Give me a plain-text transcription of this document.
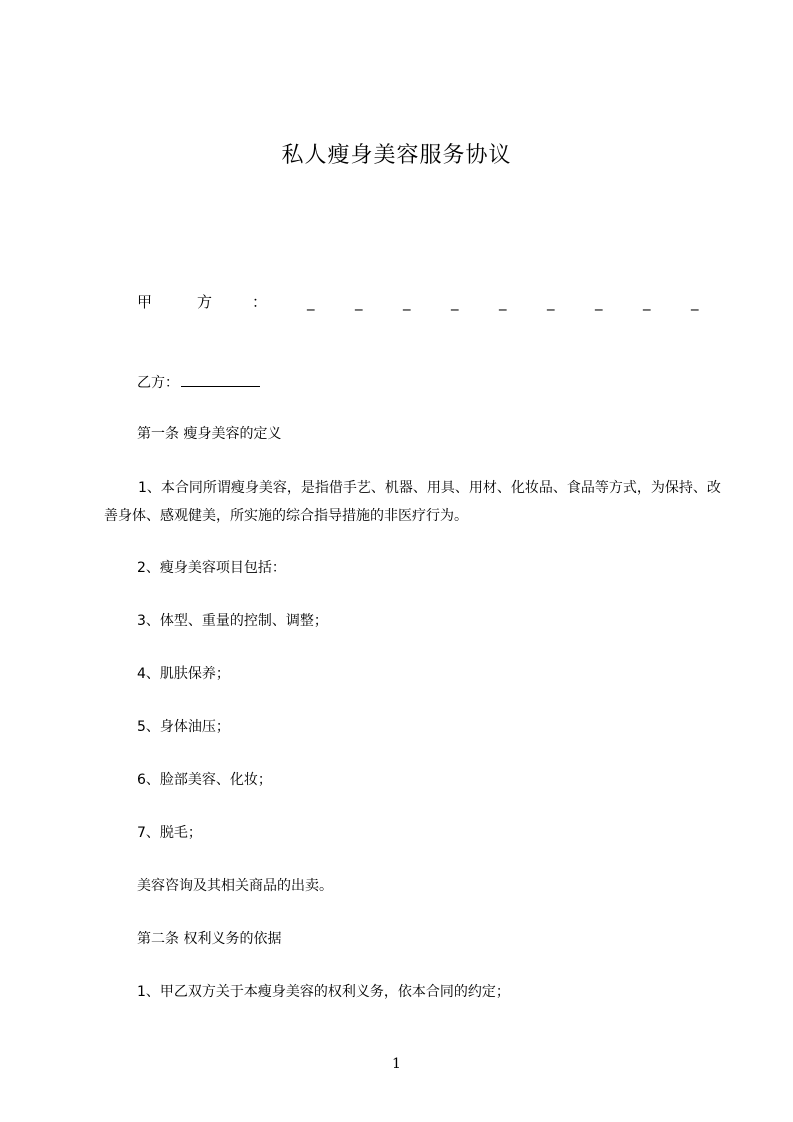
私人瘦身美容服务协议
甲	方	：	_	_	_	_	_	_	_	_	_
乙方：
第一条 瘦身美容的定义
1、本合同所谓瘦身美容，是指借手艺、机器、用具、用材、化妆品、食品等方式，为保持、改善身体、感观健美，所实施的综合指导措施的非医疗行为。
2、瘦身美容项目包括：
3、体型、重量的控制、调整；
4、肌肤保养；
5、身体油压；
6、脸部美容、化妆；
7、脱毛；
美容咨询及其相关商品的出卖。
第二条 权利义务的依据
1、甲乙双方关于本瘦身美容的权利义务，依本合同的约定；
1
